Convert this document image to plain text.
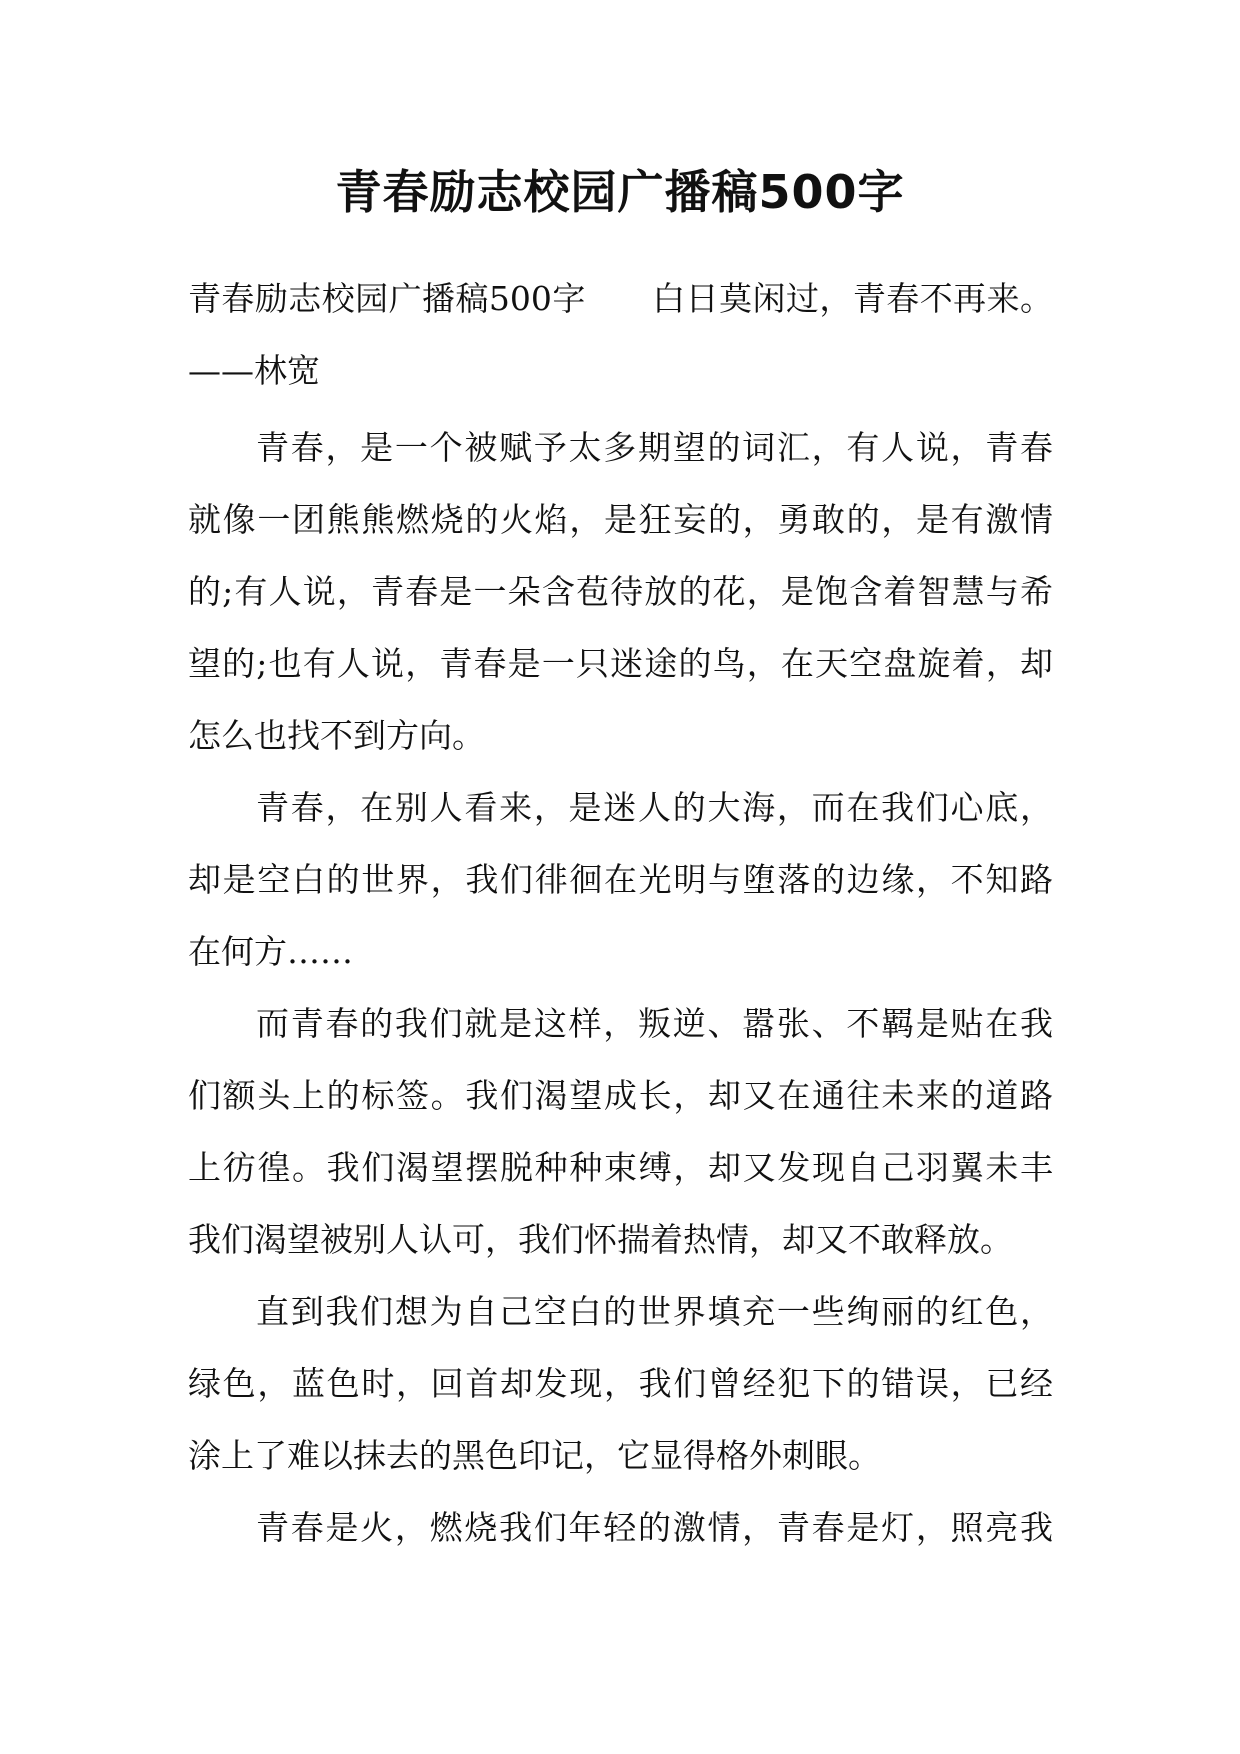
青春励志校园广播稿500字
青春励志校园广播稿500字 白日莫闲过，青春不再来。
——林宽
青春，是一个被赋予太多期望的词汇，有人说，青春
就像一团熊熊燃烧的火焰，是狂妄的，勇敢的，是有激情
的;有人说，青春是一朵含苞待放的花，是饱含着智慧与希
望的;也有人说，青春是一只迷途的鸟，在天空盘旋着，却
怎么也找不到方向。
青春，在别人看来，是迷人的大海，而在我们心底，
却是空白的世界，我们徘徊在光明与堕落的边缘，不知路
在何方……
而青春的我们就是这样，叛逆、嚣张、不羁是贴在我
们额头上的标签。我们渴望成长，却又在通往未来的道路
上彷徨。我们渴望摆脱种种束缚，却又发现自己羽翼未丰
我们渴望被别人认可，我们怀揣着热情，却又不敢释放。
直到我们想为自己空白的世界填充一些绚丽的红色，
绿色，蓝色时，回首却发现，我们曾经犯下的错误，已经
涂上了难以抹去的黑色印记，它显得格外刺眼。
青春是火，燃烧我们年轻的激情，青春是灯，照亮我
